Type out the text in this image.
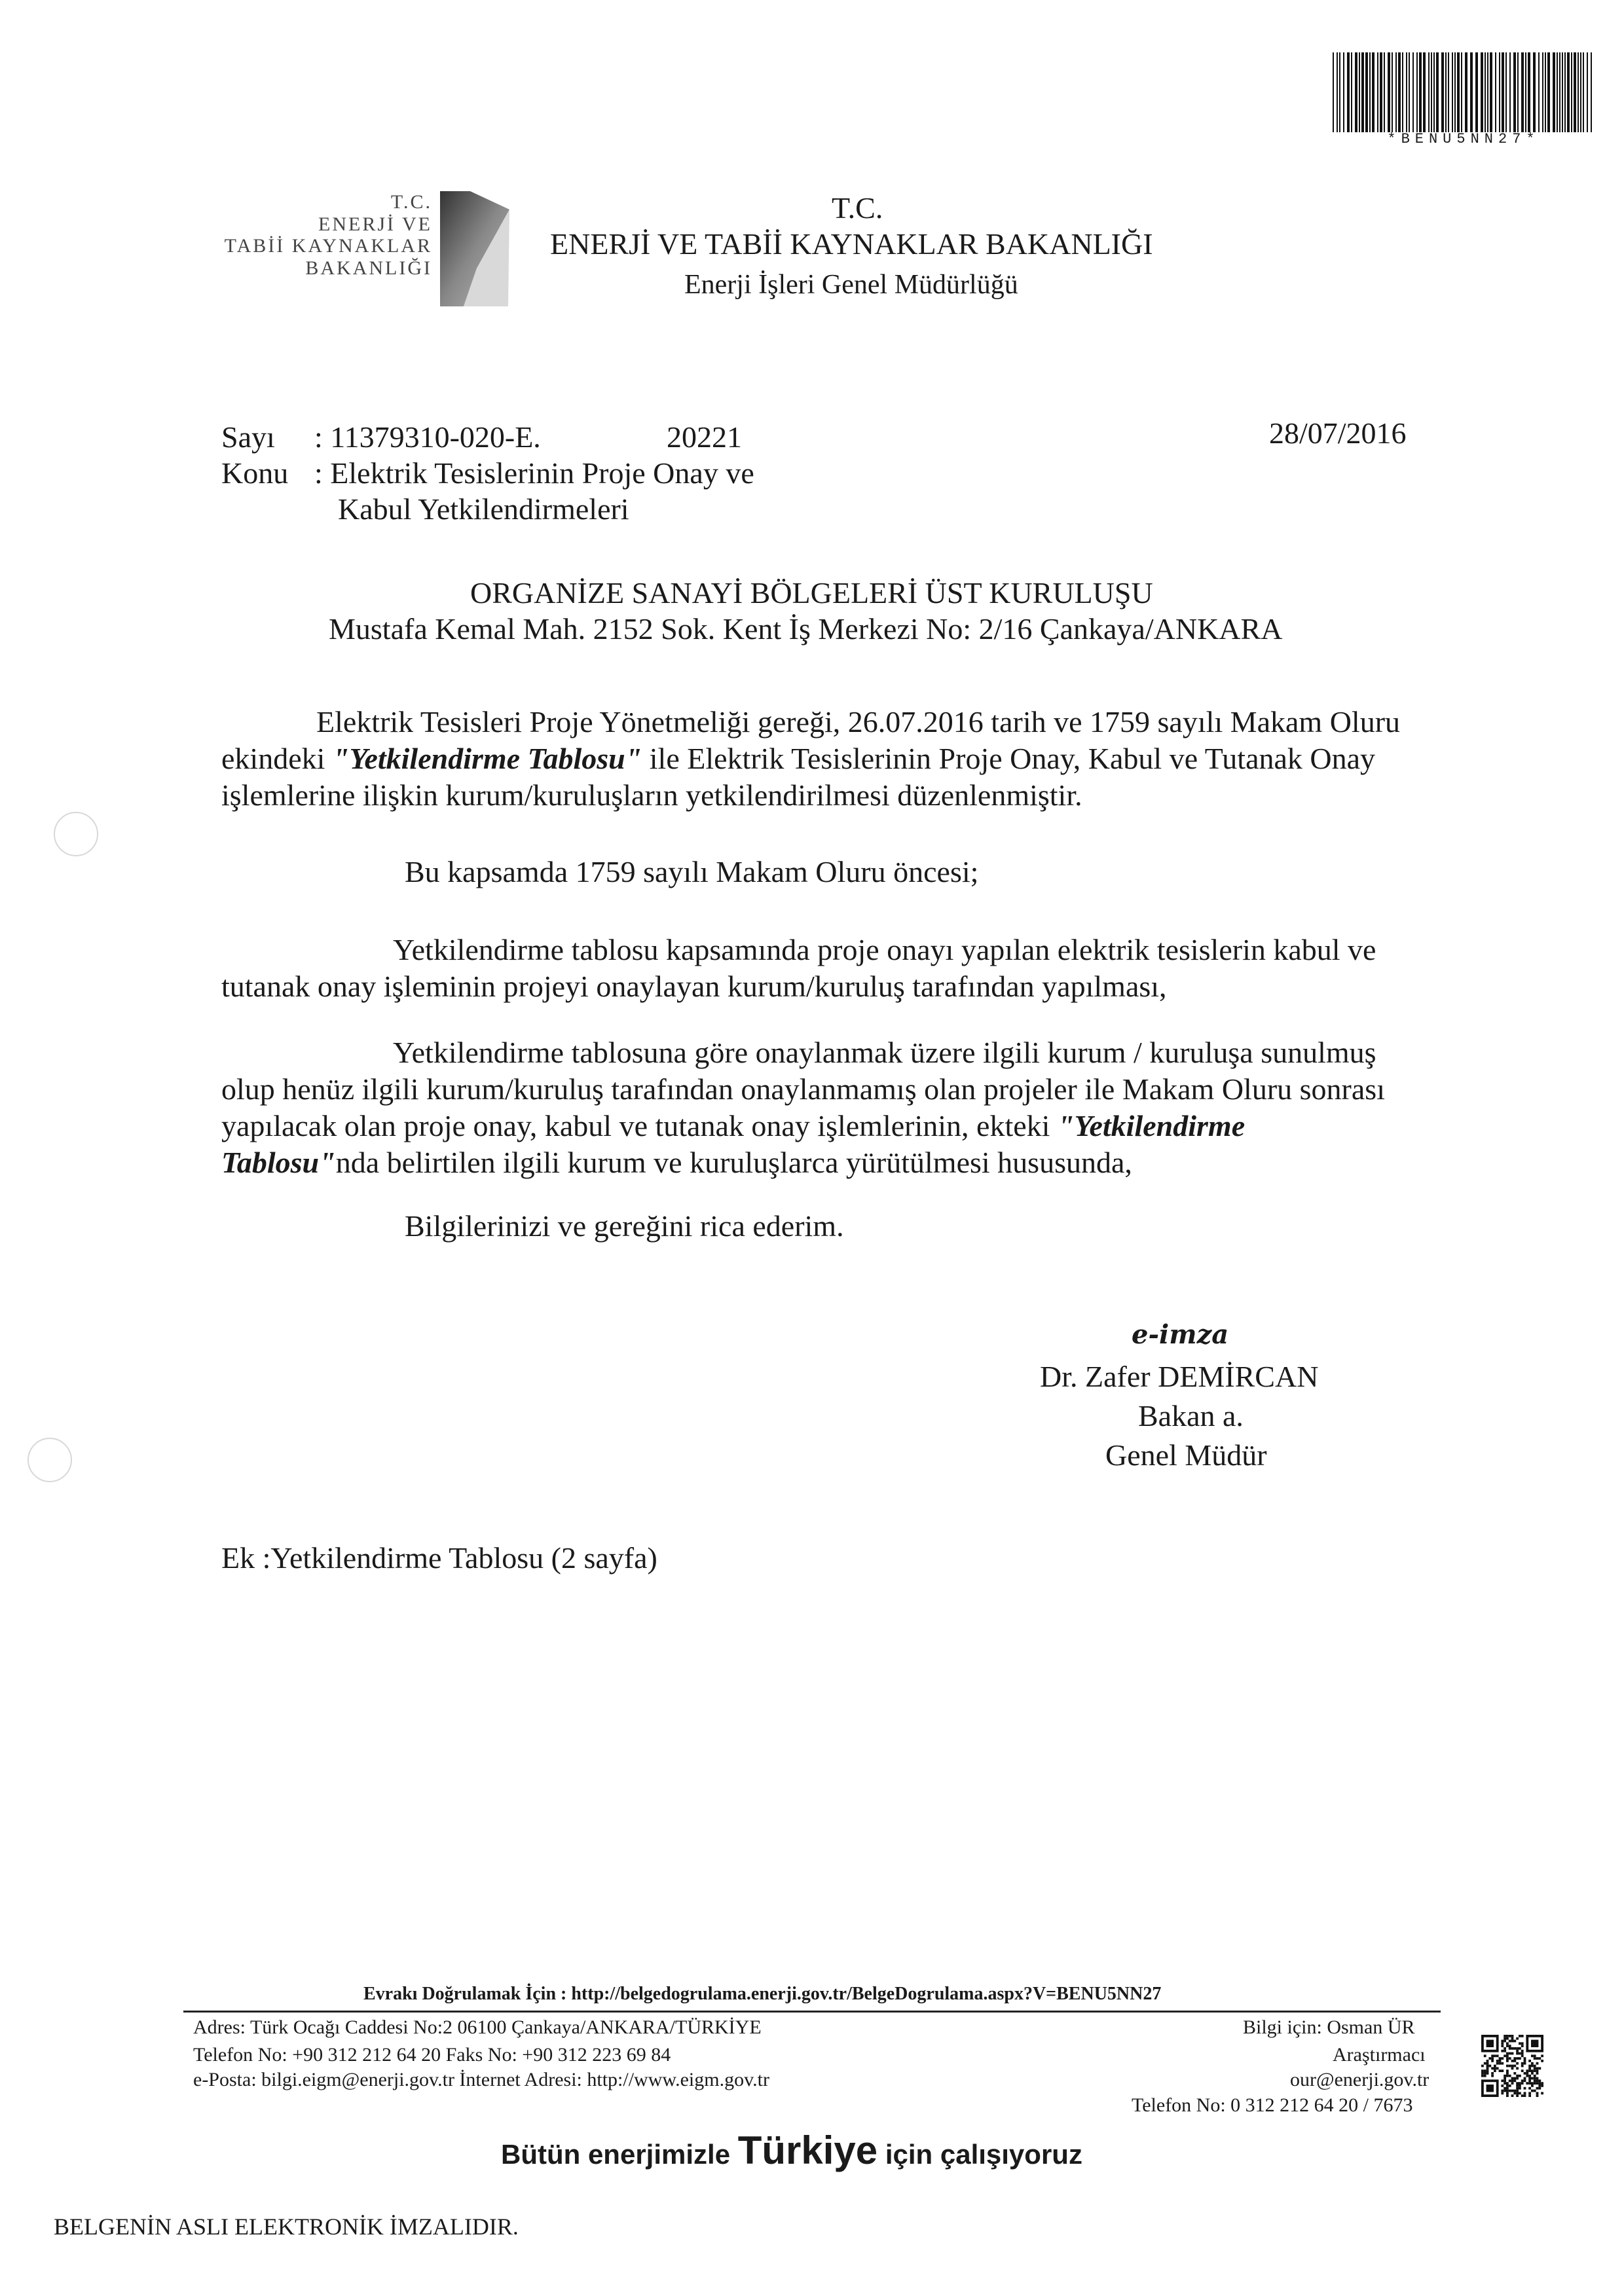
*BENU5NN27*
T.C.
ENERJİ VE
TABİİ KAYNAKLAR
BAKANLIĞI
T.C.
ENERJİ VE TABİİ KAYNAKLAR BAKANLIĞI
Enerji İşleri Genel Müdürlüğü
Sayı : 11379310-020-E.	20221	28/07/2016
Konu : Elektrik Tesislerinin Proje Onay ve
Kabul Yetkilendirmeleri
ORGANİZE SANAYİ BÖLGELERİ ÜST KURULUŞU
Mustafa Kemal Mah. 2152 Sok. Kent İş Merkezi No: 2/16 Çankaya/ANKARA
Elektrik Tesisleri Proje Yönetmeliği gereği, 26.07.2016 tarih ve 1759 sayılı Makam Oluru
ekindeki "Yetkilendirme Tablosu" ile Elektrik Tesislerinin Proje Onay, Kabul ve Tutanak Onay
işlemlerine ilişkin kurum/kuruluşların yetkilendirilmesi düzenlenmiştir.
Bu kapsamda 1759 sayılı Makam Oluru öncesi;
Yetkilendirme tablosu kapsamında proje onayı yapılan elektrik tesislerin kabul ve
tutanak onay işleminin projeyi onaylayan kurum/kuruluş tarafından yapılması,
Yetkilendirme tablosuna göre onaylanmak üzere ilgili kurum / kuruluşa sunulmuş
olup henüz ilgili kurum/kuruluş tarafından onaylanmamış olan projeler ile Makam Oluru sonrası
yapılacak olan proje onay, kabul ve tutanak onay işlemlerinin, ekteki "Yetkilendirme
Tablosu"nda belirtilen ilgili kurum ve kuruluşlarca yürütülmesi hususunda,
Bilgilerinizi ve gereğini rica ederim.
e-imza
Dr. Zafer DEMİRCAN
Bakan a.
Genel Müdür
Ek :Yetkilendirme Tablosu (2 sayfa)
Evrakı Doğrulamak İçin : http://belgedogrulama.enerji.gov.tr/BelgeDogrulama.aspx?V=BENU5NN27
Adres: Türk Ocağı Caddesi No:2 06100 Çankaya/ANKARA/TÜRKİYE
Telefon No: +90 312 212 64 20 Faks No: +90 312 223 69 84
e-Posta: bilgi.eigm@enerji.gov.tr İnternet Adresi: http://www.eigm.gov.tr
Bilgi için: Osman ÜR
Araştırmacı
our@enerji.gov.tr
Telefon No: 0 312 212 64 20 / 7673
Bütün enerjimizle Türkiye için çalışıyoruz
BELGENİN ASLI ELEKTRONİK İMZALIDIR.
